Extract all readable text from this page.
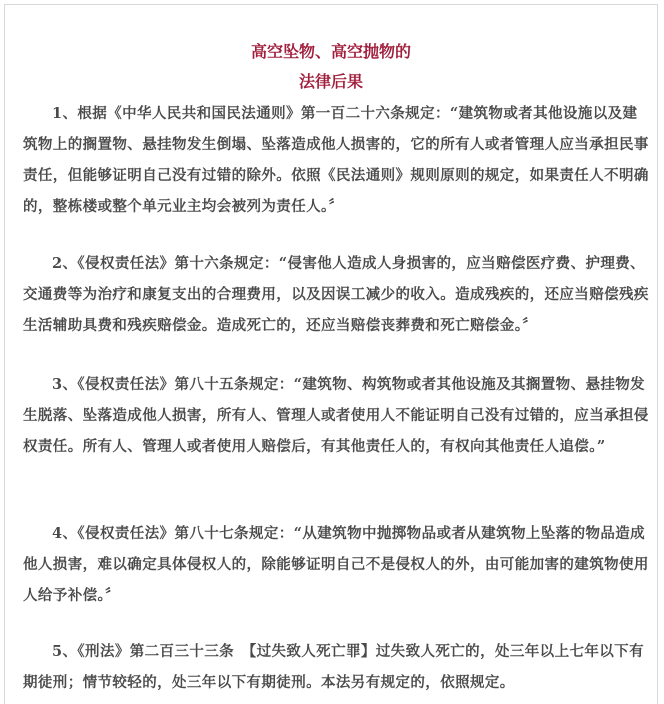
高空坠物、高空抛物的
法律后果

1、根据《中华人民共和国民法通则》第一百二十六条规定：“建筑物或者其他设施以及建筑物上的搁置物、悬挂物发生倒塌、坠落造成他人损害的，它的所有人或者管理人应当承担民事责任，但能够证明自己没有过错的除外。依照《民法通则》规则原则的规定，如果责任人不明确的，整栋楼或整个单元业主均会被列为责任人。〞

2、《侵权责任法》第十六条规定：“侵害他人造成人身损害的，应当赔偿医疗费、护理费、交通费等为治疗和康复支出的合理费用，以及因误工减少的收入。造成残疾的，还应当赔偿残疾生活辅助具费和残疾赔偿金。造成死亡的，还应当赔偿丧葬费和死亡赔偿金。〞

3、《侵权责任法》第八十五条规定：“建筑物、构筑物或者其他设施及其搁置物、悬挂物发生脱落、坠落造成他人损害，所有人、管理人或者使用人不能证明自己没有过错的，应当承担侵权责任。所有人、管理人或者使用人赔偿后，有其他责任人的，有权向其他责任人追偿。”

4、《侵权责任法》第八十七条规定：“从建筑物中抛掷物品或者从建筑物上坠落的物品造成他人损害，难以确定具体侵权人的，除能够证明自己不是侵权人的外，由可能加害的建筑物使用人给予补偿。〞

5、《刑法》第二百三十三条　【过失致人死亡罪】过失致人死亡的，处三年以上七年以下有期徒刑；情节较轻的，处三年以下有期徒刑。本法另有规定的，依照规定。
